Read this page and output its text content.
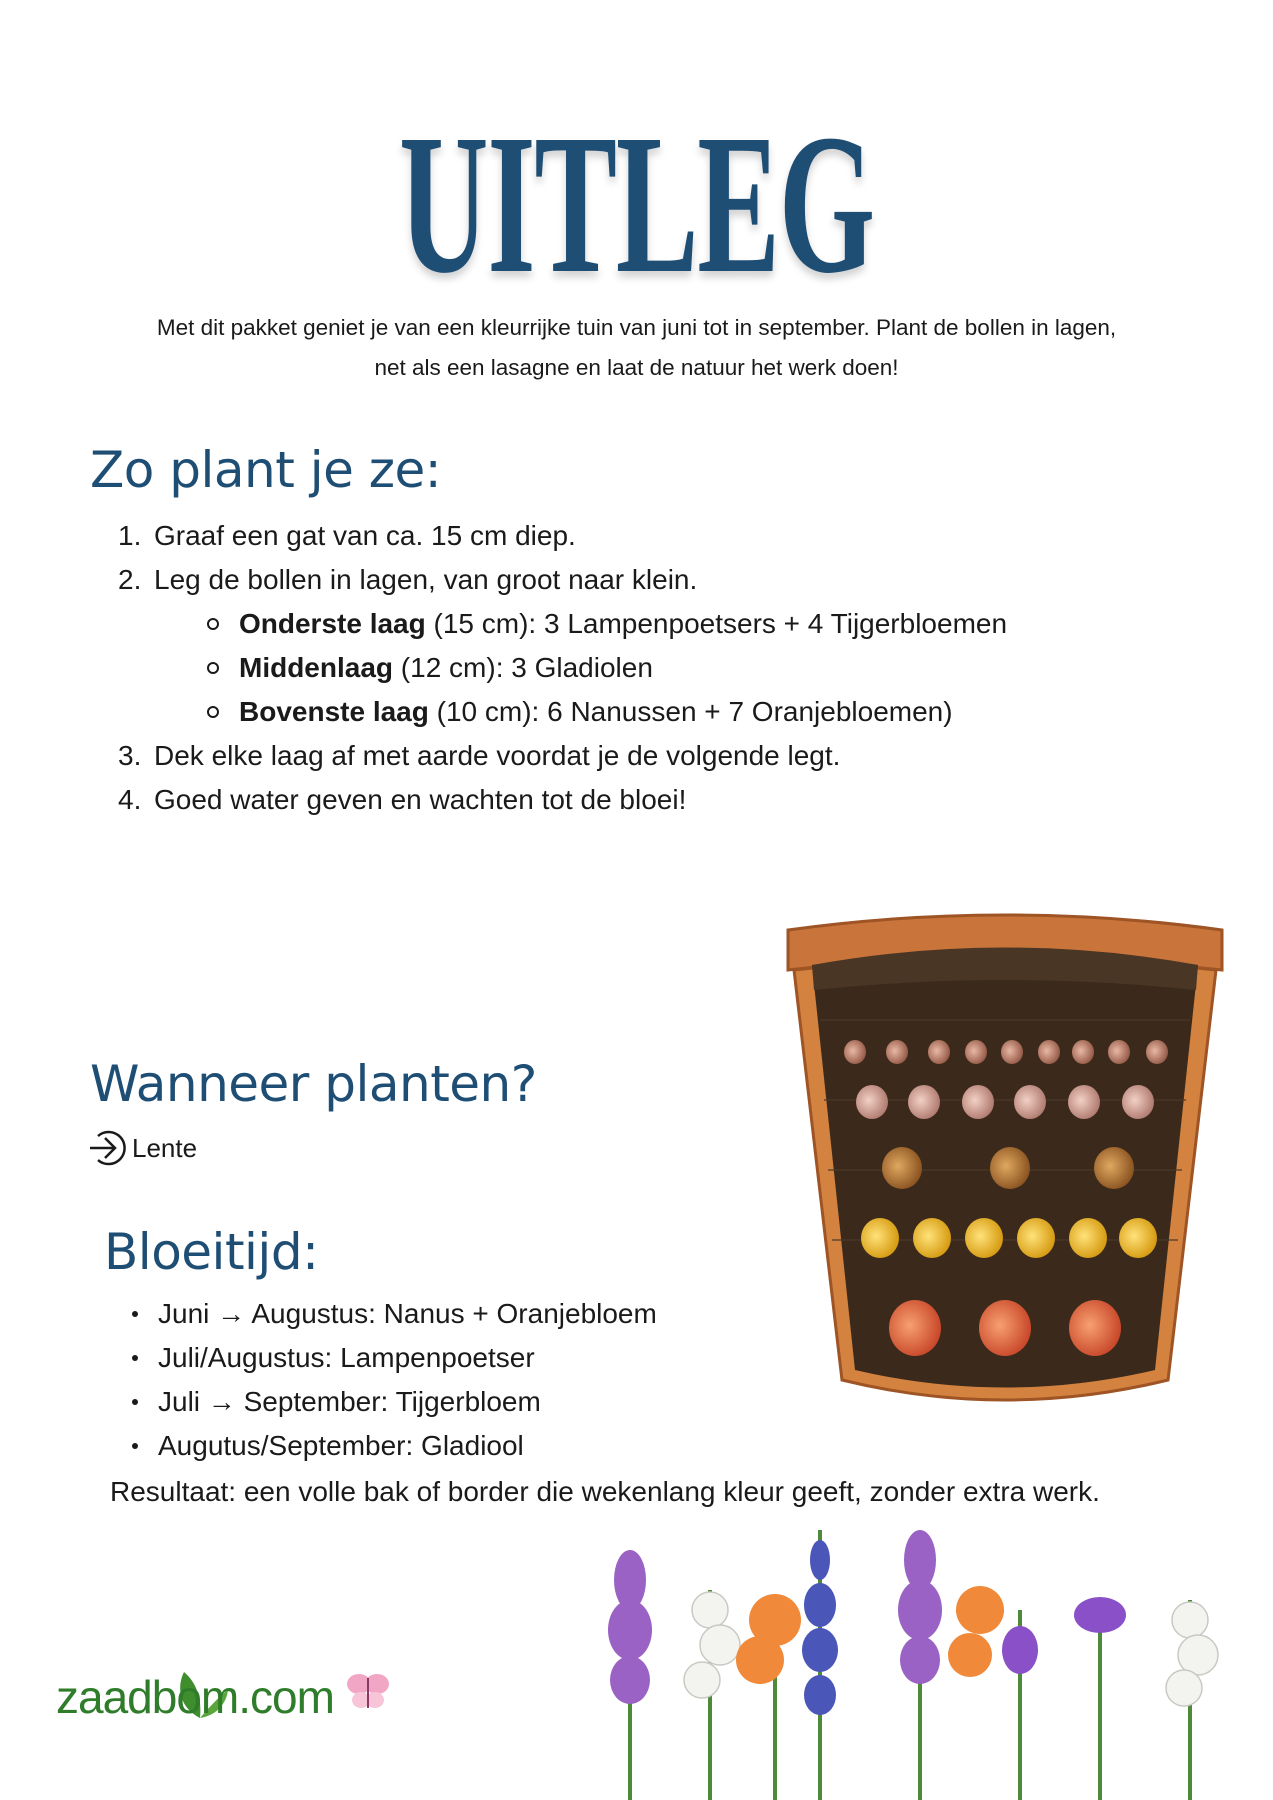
UITLEG
Met dit pakket geniet je van een kleurrijke tuin van juni tot in september. Plant de bollen in lagen,
net als een lasagne en laat de natuur het werk doen!
Zo plant je ze:
1. Graaf een gat van ca. 15 cm diep.
2. Leg de bollen in lagen, van groot naar klein.
Onderste laag (15 cm): 3 Lampenpoetsers + 4 Tijgerbloemen
Middenlaag (12 cm): 3 Gladiolen
Bovenste laag (10 cm): 6 Nanussen + 7 Oranjebloemen)
3. Dek elke laag af met aarde voordat je de volgende legt.
4. Goed water geven en wachten tot de bloei!
Wanneer planten?
Lente
Bloeitijd:
Juni → Augustus: Nanus + Oranjebloem
Juli/Augustus: Lampenpoetser
Juli → September: Tijgerbloem
Augutus/September: Gladiool
Resultaat: een volle bak of border die wekenlang kleur geeft, zonder extra werk.
zaadbom.com
